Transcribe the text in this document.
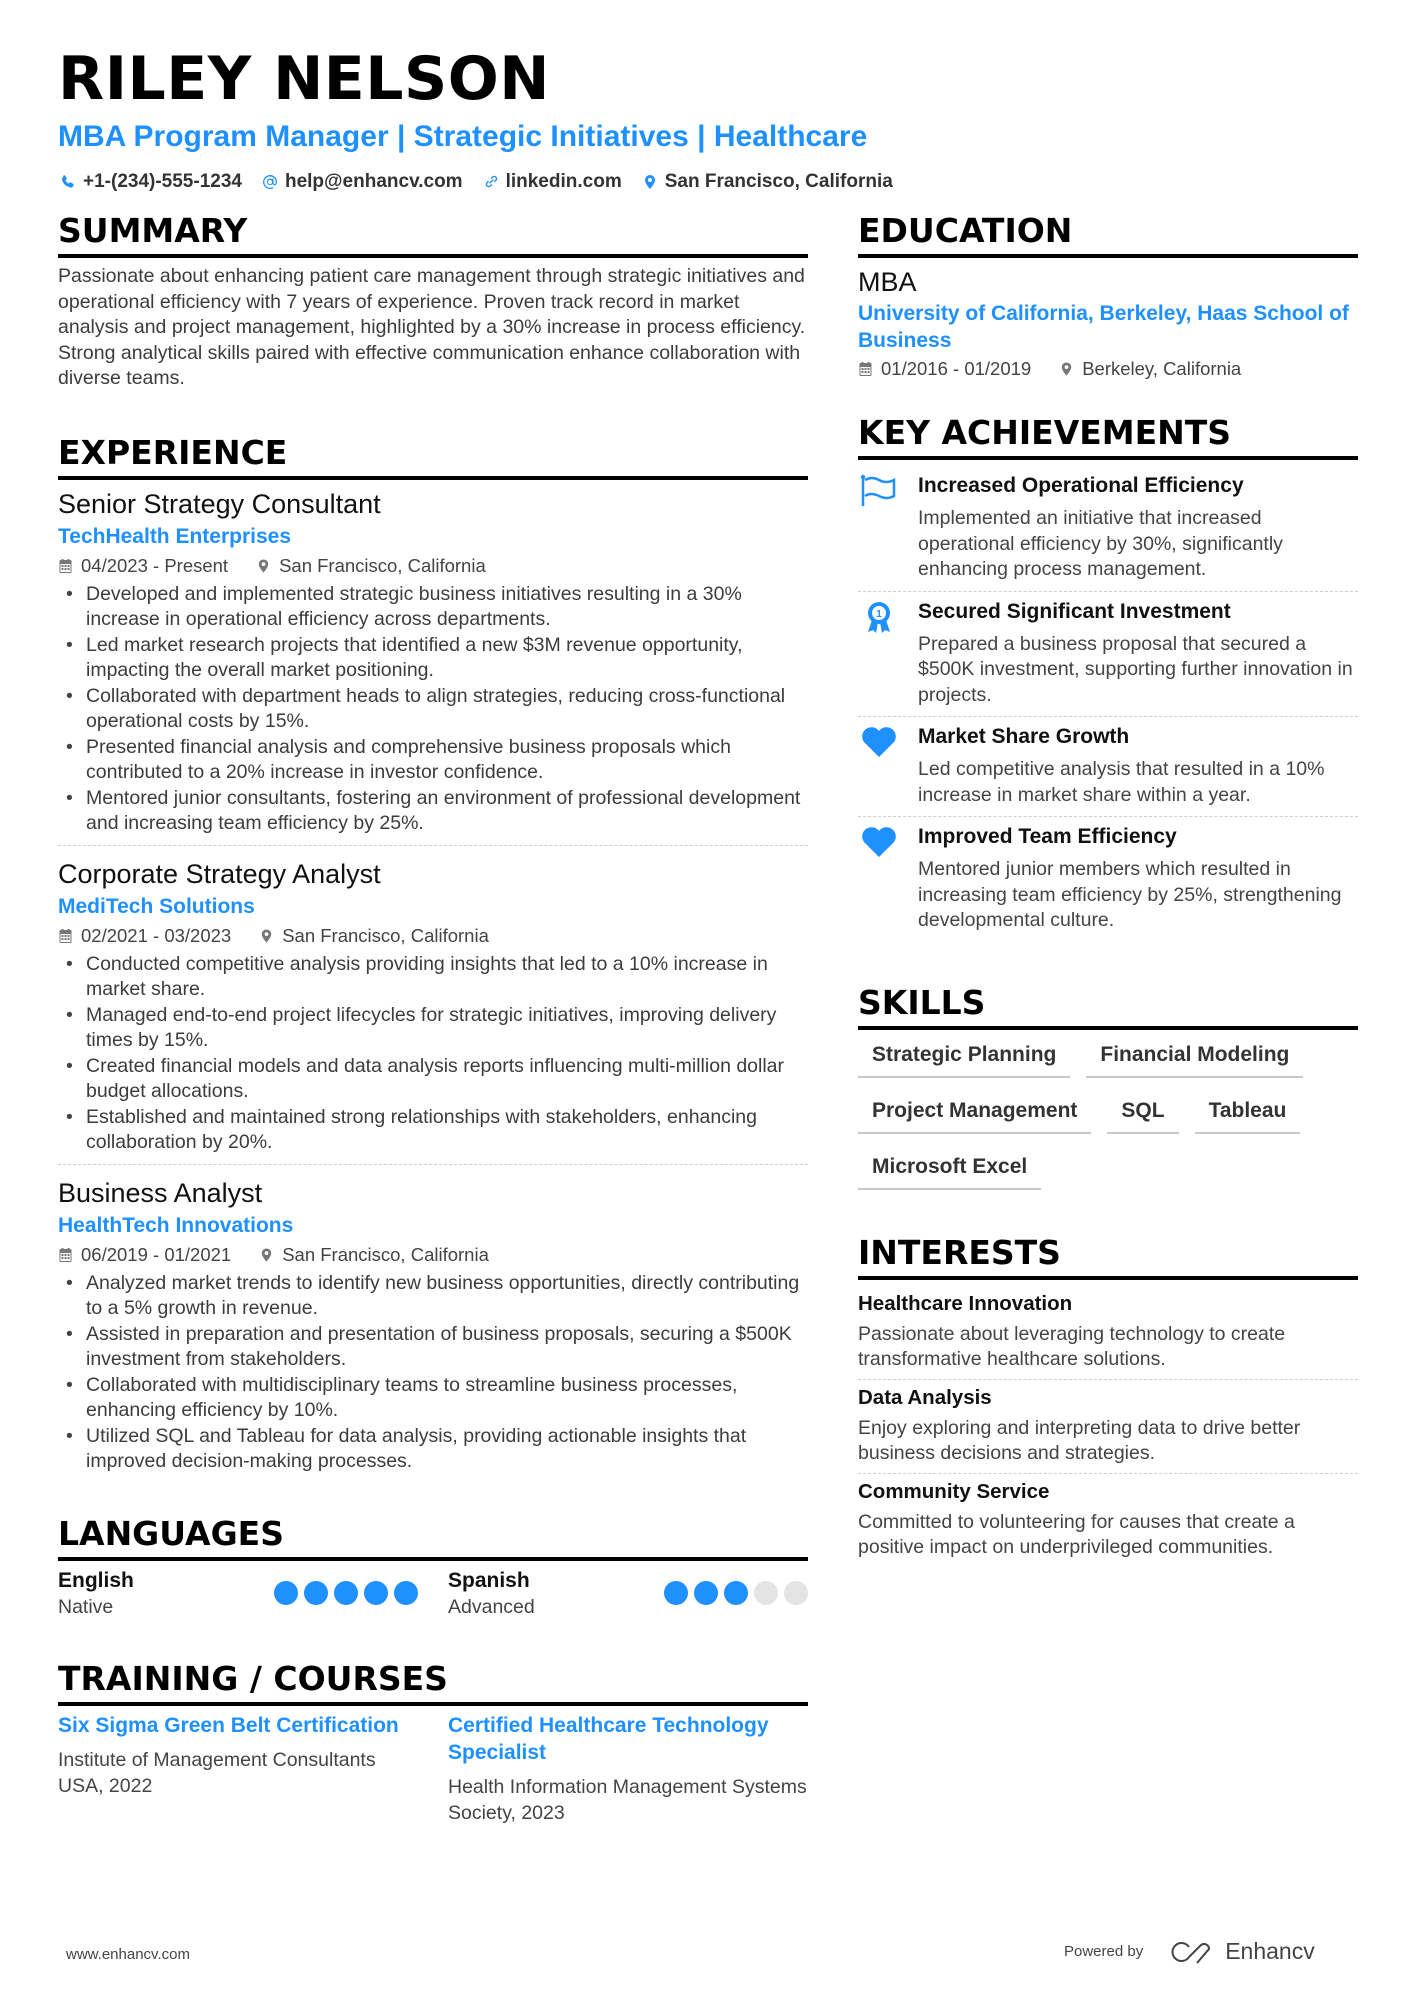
RILEY NELSON
MBA Program Manager | Strategic Initiatives | Healthcare
+1-(234)-555-1234 help@enhancv.com linkedin.com San Francisco, California
SUMMARY

Passionate about enhancing patient care management through strategic initiatives and operational efficiency with 7 years of experience. Proven track record in market analysis and project management, highlighted by a 30% increase in process efficiency. Strong analytical skills paired with effective communication enhance collaboration with diverse teams.

EXPERIENCE
Senior Strategy Consultant
TechHealth Enterprises
04/2023 - Present	San Francisco, California
• Developed and implemented strategic business initiatives resulting in a 30% increase in operational efficiency across departments.
• Led market research projects that identified a new $3M revenue opportunity, impacting the overall market positioning.
• Collaborated with department heads to align strategies, reducing cross-functional operational costs by 15%.
• Presented financial analysis and comprehensive business proposals which contributed to a 20% increase in investor confidence.
• Mentored junior consultants, fostering an environment of professional development and increasing team efficiency by 25%.
Corporate Strategy Analyst
MediTech Solutions
02/2021 - 03/2023	San Francisco, California
• Conducted competitive analysis providing insights that led to a 10% increase in market share.
• Managed end-to-end project lifecycles for strategic initiatives, improving delivery times by 15%.
• Created financial models and data analysis reports influencing multi-million dollar budget allocations.
• Established and maintained strong relationships with stakeholders, enhancing collaboration by 20%.
Business Analyst
HealthTech Innovations
06/2019 - 01/2021	San Francisco, California
• Analyzed market trends to identify new business opportunities, directly contributing to a 5% growth in revenue.
• Assisted in preparation and presentation of business proposals, securing a $500K investment from stakeholders.
• Collaborated with multidisciplinary teams to streamline business processes, enhancing efficiency by 10%.
• Utilized SQL and Tableau for data analysis, providing actionable insights that improved decision-making processes.
LANGUAGES
English
Native
Spanish
Advanced
TRAINING / COURSES
Six Sigma Green Belt Certification
Institute of Management Consultants USA, 2022
Certified Healthcare Technology Specialist
Health Information Management Systems Society, 2023
EDUCATION
MBA
University of California, Berkeley, Haas School of Business
01/2016 - 01/2019	Berkeley, California
KEY ACHIEVEMENTS
Increased Operational Efficiency
Implemented an initiative that increased operational efficiency by 30%, significantly enhancing process management.
1 Secured Significant Investment
Prepared a business proposal that secured a $500K investment, supporting further innovation in projects.
Market Share Growth
Led competitive analysis that resulted in a 10% increase in market share within a year.
Improved Team Efficiency
Mentored junior members which resulted in increasing team efficiency by 25%, strengthening developmental culture.
SKILLS
Strategic Planning	Financial Modeling
Project Management	SQL	Tableau
Microsoft Excel
INTERESTS
Healthcare Innovation
Passionate about leveraging technology to create transformative healthcare solutions.
Data Analysis
Enjoy exploring and interpreting data to drive better business decisions and strategies.
Community Service
Committed to volunteering for causes that create a positive impact on underprivileged communities.
www.enhancv.com	Powered by	Enhancv
